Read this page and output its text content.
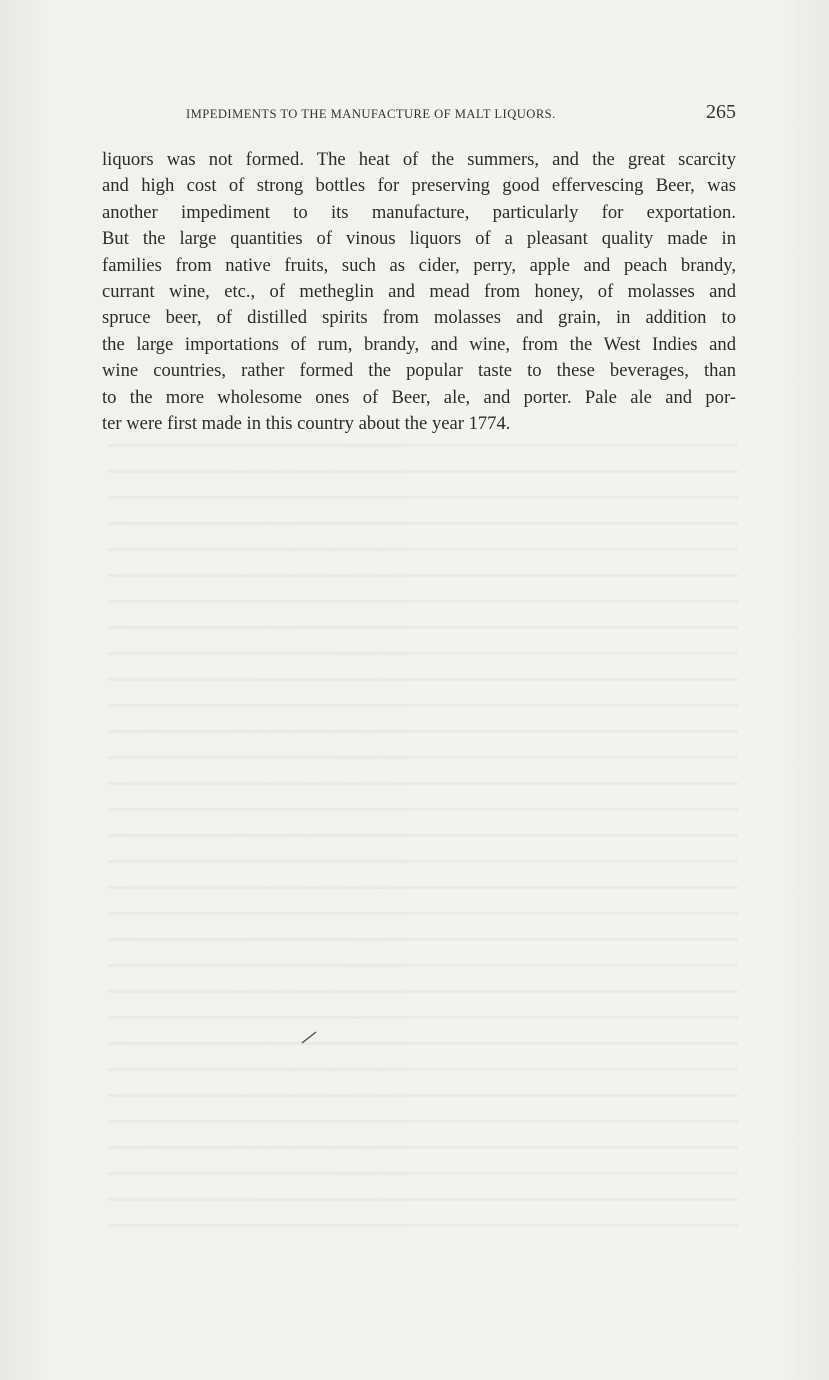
IMPEDIMENTS TO THE MANUFACTURE OF MALT LIQUORS.	265
liquors was not formed. The heat of the summers, and the great scarcity
and high cost of strong bottles for preserving good effervescing Beer, was
another impediment to its manufacture, particularly for exportation.
But the large quantities of vinous liquors of a pleasant quality made in
families from native fruits, such as cider, perry, apple and peach brandy,
currant wine, etc., of metheglin and mead from honey, of molasses and
spruce beer, of distilled spirits from molasses and grain, in addition to
the large importations of rum, brandy, and wine, from the West Indies and
wine countries, rather formed the popular taste to these beverages, than
to the more wholesome ones of Beer, ale, and porter. Pale ale and por-
ter were first made in this country about the year 1774.
